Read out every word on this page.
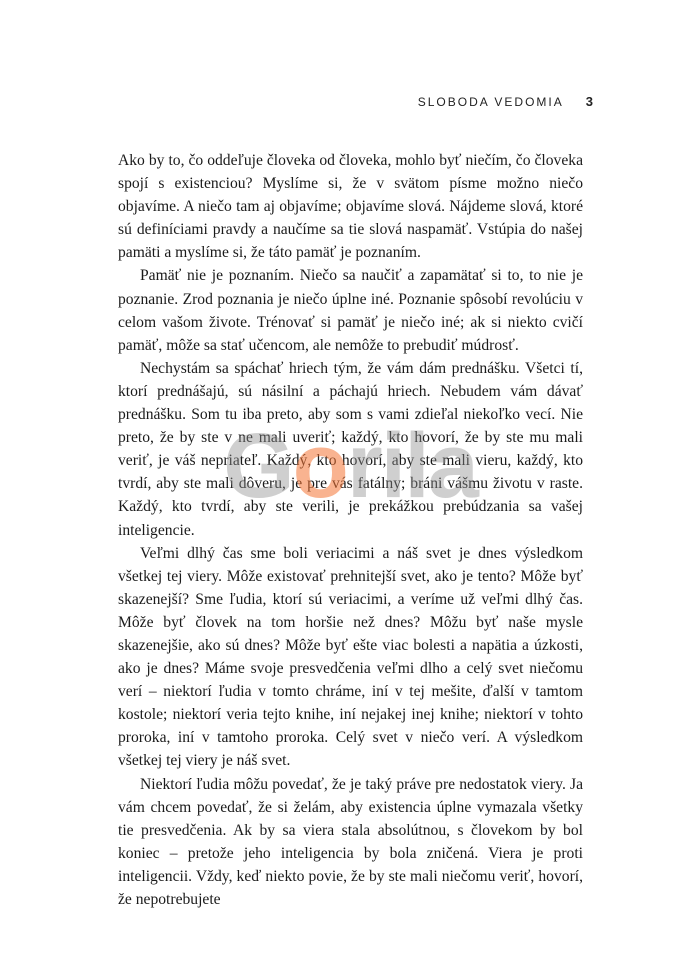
SLOBODA VEDOMIA 3

Ako by to, čo oddeľuje človeka od človeka, mohlo byť niečím, čo človeka spojí s existenciou? Myslíme si, že v svätom písme možno niečo objavíme. A niečo tam aj objavíme; objavíme slová. Nájdeme slová, ktoré sú definíciami pravdy a naučíme sa tie slová naspamäť. Vstúpia do našej pamäti a myslíme si, že táto pamäť je poznaním.

Pamäť nie je poznaním. Niečo sa naučiť a zapamätať si to, to nie je poznanie. Zrod poznania je niečo úplne iné. Poznanie spôsobí revolúciu v celom vašom živote. Trénovať si pamäť je niečo iné; ak si niekto cvičí pamäť, môže sa stať učencom, ale nemôže to prebudiť múdrosť.

Nechystám sa spáchať hriech tým, že vám dám prednášku. Všetci tí, ktorí prednášajú, sú násilní a páchajú hriech. Nebudem vám dávať prednášku. Som tu iba preto, aby som s vami zdieľal niekoľko vecí. Nie preto, že by ste v ne mali uveriť; každý, kto hovorí, že by ste mu mali veriť, je váš nepriateľ. Každý, kto hovorí, aby ste mali vieru, každý, kto tvrdí, aby ste mali dôveru, je pre vás fatálny; bráni vášmu životu v raste. Každý, kto tvrdí, aby ste verili, je prekážkou prebúdzania sa vašej inteligencie.

Veľmi dlhý čas sme boli veriacimi a náš svet je dnes výsledkom všetkej tej viery. Môže existovať prehnitejší svet, ako je tento? Môže byť skazenejší? Sme ľudia, ktorí sú veriacimi, a veríme už veľmi dlhý čas. Môže byť človek na tom horšie než dnes? Môžu byť naše mysle skazenejšie, ako sú dnes? Môže byť ešte viac bolesti a napätia a úzkosti, ako je dnes? Máme svoje presvedčenia veľmi dlho a celý svet niečomu verí – niektorí ľudia v tomto chráme, iní v tej mešite, ďalší v tamtom kostole; niektorí veria tejto knihe, iní nejakej inej knihe; niektorí v tohto proroka, iní v tamtoho proroka. Celý svet v niečo verí. A výsledkom všetkej tej viery je náš svet.

Niektorí ľudia môžu povedať, že je taký práve pre nedostatok viery. Ja vám chcem povedať, že si želám, aby existencia úplne vymazala všetky tie presvedčenia. Ak by sa viera stala absolútnou, s človekom by bol koniec – pretože jeho inteligencia by bola zničená. Viera je proti inteligencii. Vždy, keď niekto povie, že by ste mali niečomu veriť, hovorí, že nepotrebujete

Gorila
